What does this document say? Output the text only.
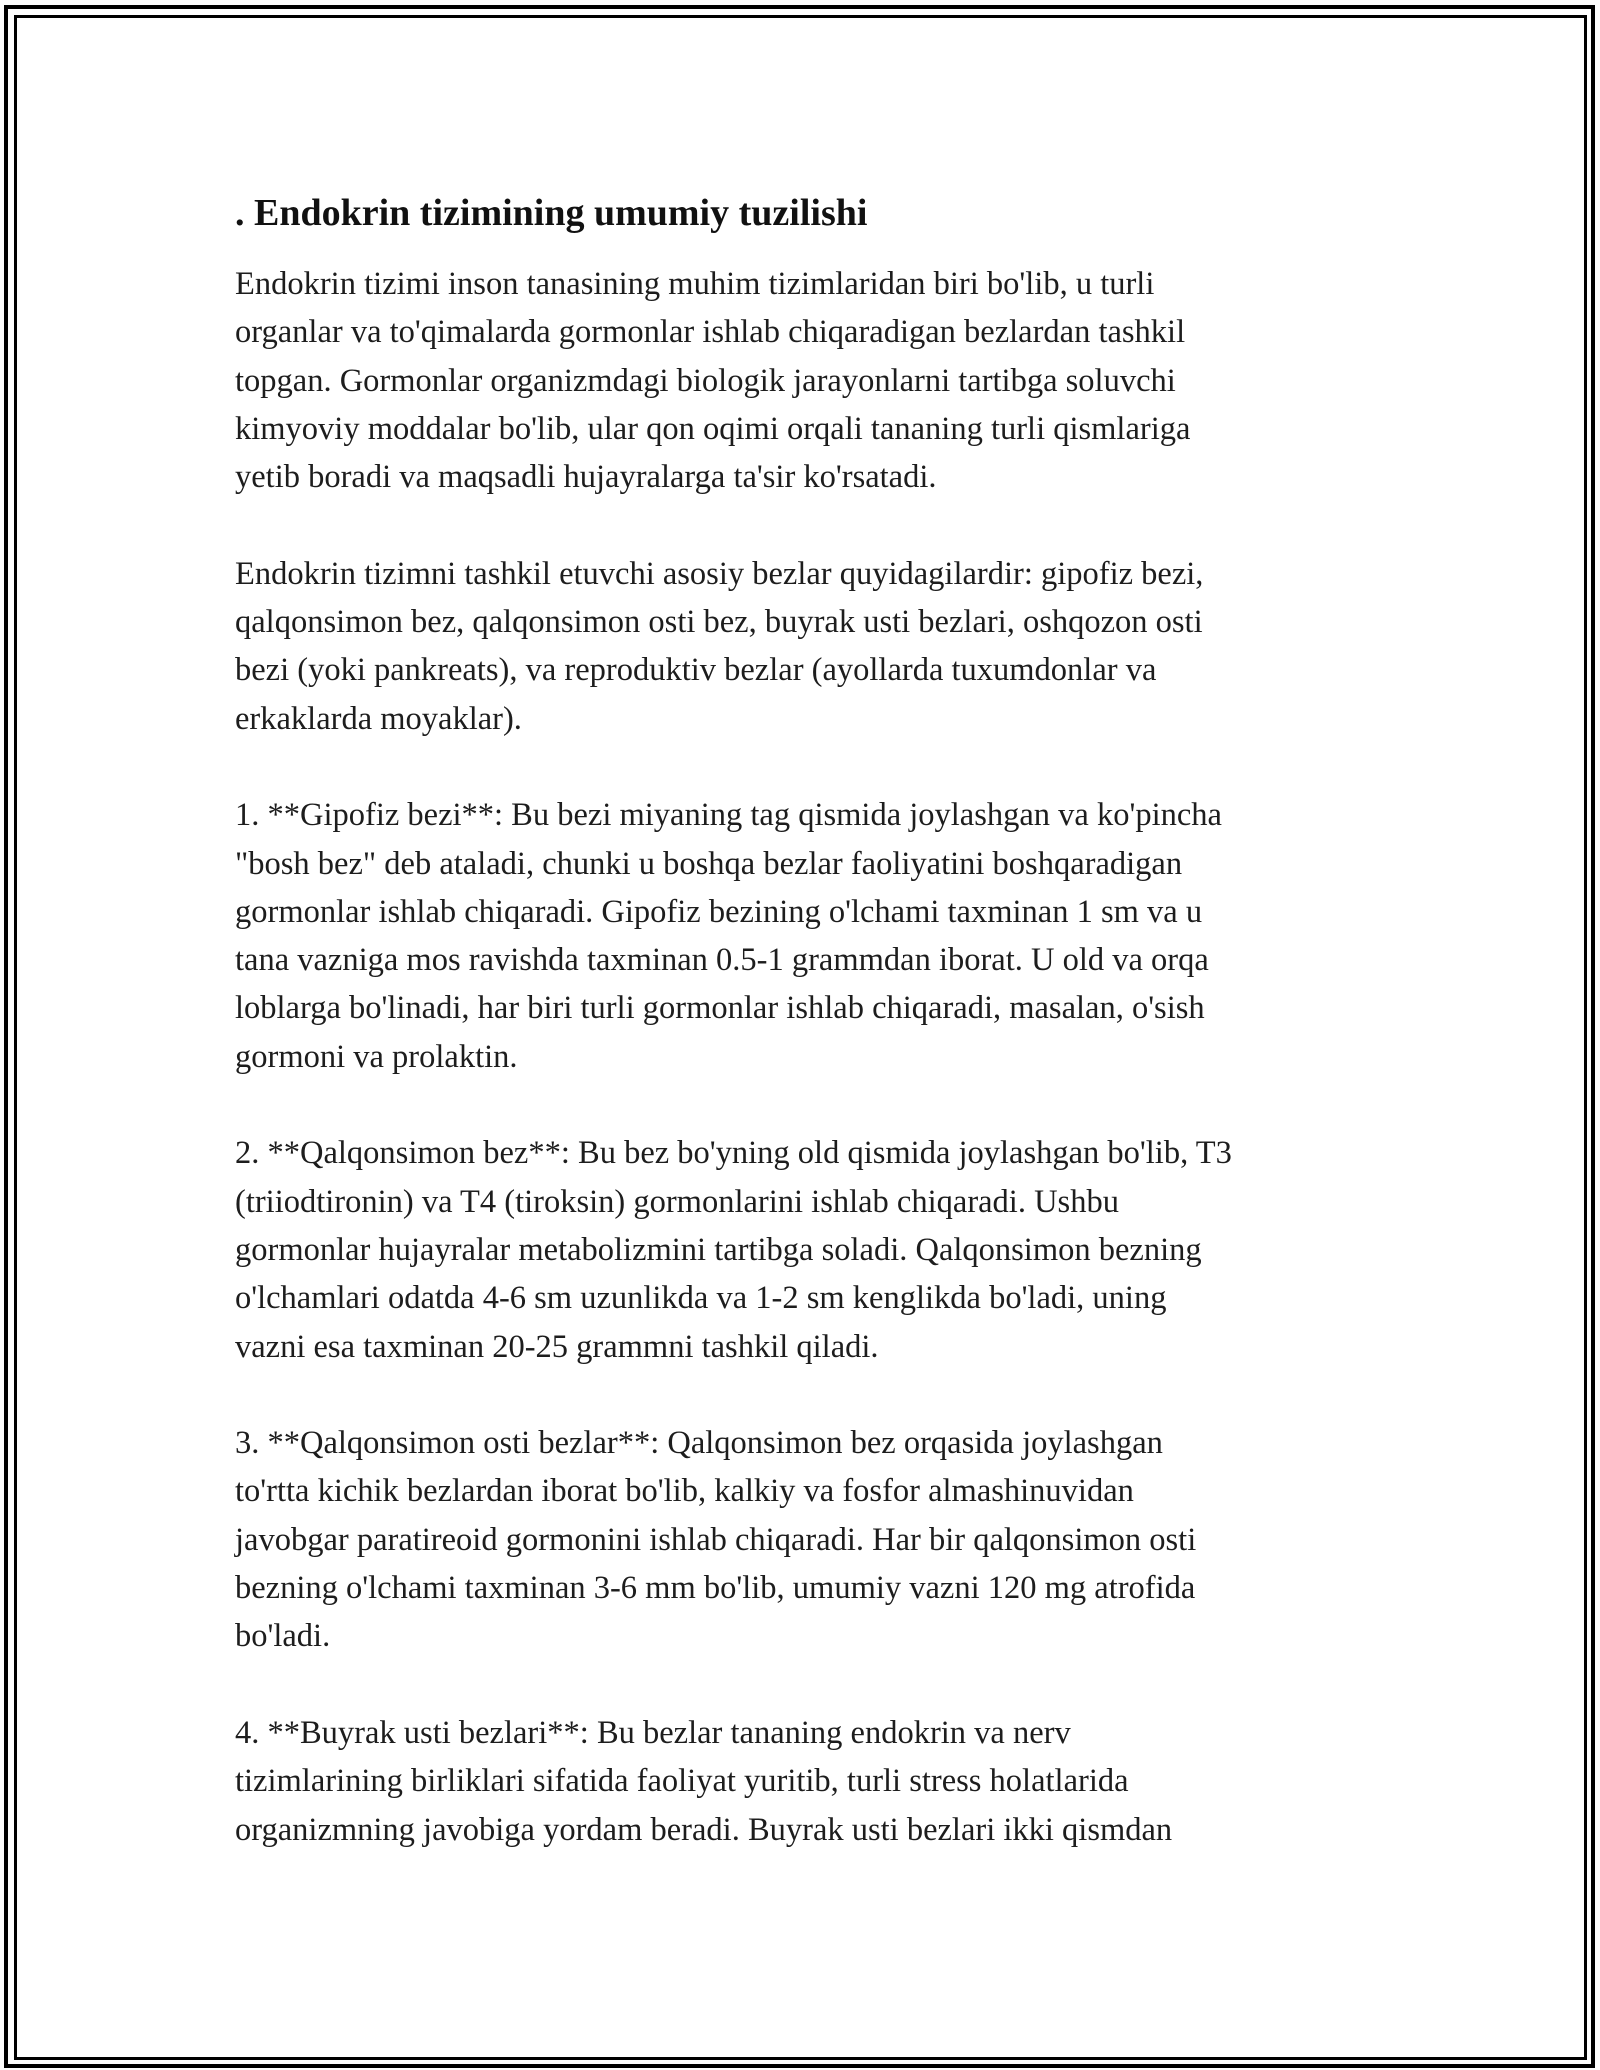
. Endokrin tizimining umumiy tuzilishi

Endokrin tizimi inson tanasining muhim tizimlaridan biri bo'lib, u turli
organlar va to'qimalarda gormonlar ishlab chiqaradigan bezlardan tashkil
topgan. Gormonlar organizmdagi biologik jarayonlarni tartibga soluvchi
kimyoviy moddalar bo'lib, ular qon oqimi orqali tananing turli qismlariga
yetib boradi va maqsadli hujayralarga ta'sir ko'rsatadi.

Endokrin tizimni tashkil etuvchi asosiy bezlar quyidagilardir: gipofiz bezi,
qalqonsimon bez, qalqonsimon osti bez, buyrak usti bezlari, oshqozon osti
bezi (yoki pankreats), va reproduktiv bezlar (ayollarda tuxumdonlar va
erkaklarda moyaklar).

1. **Gipofiz bezi**: Bu bezi miyaning tag qismida joylashgan va ko'pincha
"bosh bez" deb ataladi, chunki u boshqa bezlar faoliyatini boshqaradigan
gormonlar ishlab chiqaradi. Gipofiz bezining o'lchami taxminan 1 sm va u
tana vazniga mos ravishda taxminan 0.5-1 grammdan iborat. U old va orqa
loblarga bo'linadi, har biri turli gormonlar ishlab chiqaradi, masalan, o'sish
gormoni va prolaktin.

2. **Qalqonsimon bez**: Bu bez bo'yning old qismida joylashgan bo'lib, T3
(triiodtironin) va T4 (tiroksin) gormonlarini ishlab chiqaradi. Ushbu
gormonlar hujayralar metabolizmini tartibga soladi. Qalqonsimon bezning
o'lchamlari odatda 4-6 sm uzunlikda va 1-2 sm kenglikda bo'ladi, uning
vazni esa taxminan 20-25 grammni tashkil qiladi.

3. **Qalqonsimon osti bezlar**: Qalqonsimon bez orqasida joylashgan
to'rtta kichik bezlardan iborat bo'lib, kalkiy va fosfor almashinuvidan
javobgar paratireoid gormonini ishlab chiqaradi. Har bir qalqonsimon osti
bezning o'lchami taxminan 3-6 mm bo'lib, umumiy vazni 120 mg atrofida
bo'ladi.

4. **Buyrak usti bezlari**: Bu bezlar tananing endokrin va nerv
tizimlarining birliklari sifatida faoliyat yuritib, turli stress holatlarida
organizmning javobiga yordam beradi. Buyrak usti bezlari ikki qismdan
